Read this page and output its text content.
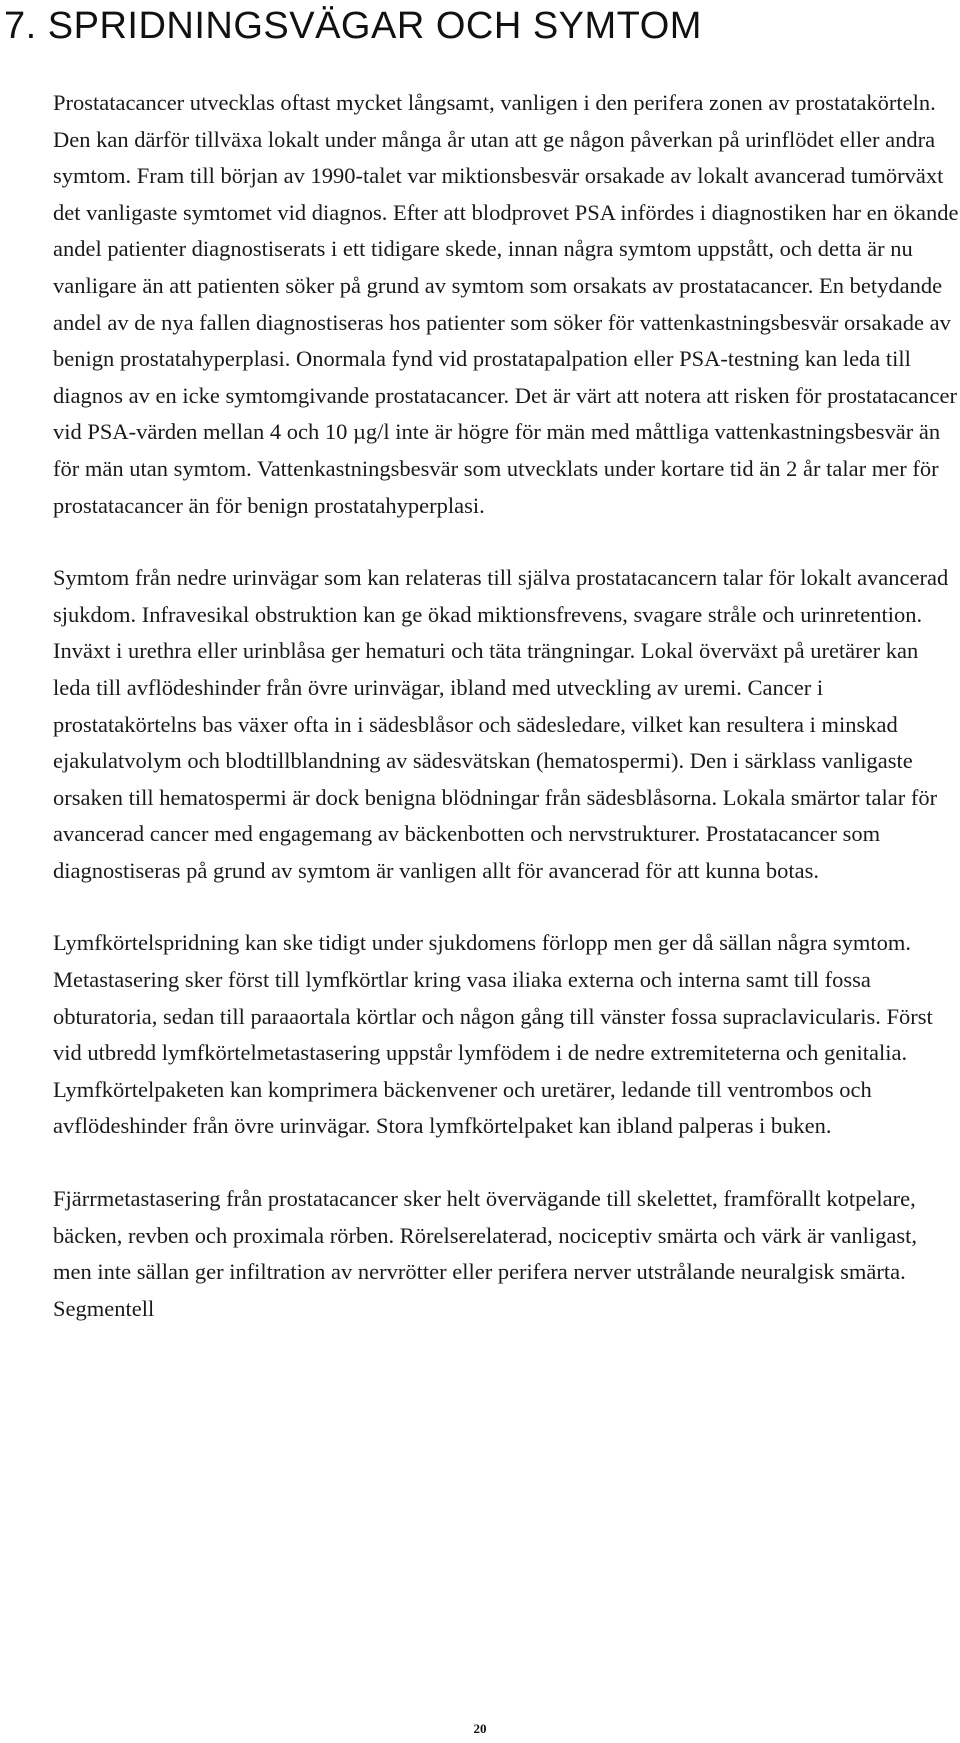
7. SPRIDNINGSVÄGAR OCH SYMTOM

Prostatacancer utvecklas oftast mycket långsamt, vanligen i den perifera zonen av prostatakörteln. Den kan därför tillväxa lokalt under många år utan att ge någon påverkan på urinflödet eller andra symtom. Fram till början av 1990-talet var miktionsbesvär orsakade av lokalt avancerad tumörväxt det vanligaste symtomet vid diagnos. Efter att blodprovet PSA infördes i diagnostiken har en ökande andel patienter diagnostiserats i ett tidigare skede, innan några symtom uppstått, och detta är nu vanligare än att patienten söker på grund av symtom som orsakats av prostatacancer. En betydande andel av de nya fallen diagnostiseras hos patienter som söker för vattenkastningsbesvär orsakade av benign prostatahyperplasi. Onormala fynd vid prostatapalpation eller PSA-testning kan leda till diagnos av en icke symtomgivande prostatacancer. Det är värt att notera att risken för prostatacancer vid PSA-värden mellan 4 och 10 µg/l inte är högre för män med måttliga vattenkastningsbesvär än för män utan symtom. Vattenkastningsbesvär som utvecklats under kortare tid än 2 år talar mer för prostatacancer än för benign prostatahyperplasi.

Symtom från nedre urinvägar som kan relateras till själva prostatacancern talar för lokalt avancerad sjukdom. Infravesikal obstruktion kan ge ökad miktionsfrevens, svagare stråle och urinretention. Inväxt i urethra eller urinblåsa ger hematuri och täta trängningar. Lokal överväxt på uretärer kan leda till avflödeshinder från övre urinvägar, ibland med utveckling av uremi. Cancer i prostatakörtelns bas växer ofta in i sädesblåsor och sädesledare, vilket kan resultera i minskad ejakulatvolym och blodtillblandning av sädesvätskan (hematospermi). Den i särklass vanligaste orsaken till hematospermi är dock benigna blödningar från sädesblåsorna. Lokala smärtor talar för avancerad cancer med engagemang av bäckenbotten och nervstrukturer. Prostatacancer som diagnostiseras på grund av symtom är vanligen allt för avancerad för att kunna botas.

Lymfkörtelspridning kan ske tidigt under sjukdomens förlopp men ger då sällan några symtom. Metastasering sker först till lymfkörtlar kring vasa iliaka externa och interna samt till fossa obturatoria, sedan till paraaortala körtlar och någon gång till vänster fossa supraclavicularis. Först vid utbredd lymfkörtelmetastasering uppstår lymfödem i de nedre extremiteterna och genitalia. Lymfkörtelpaketen kan komprimera bäckenvener och uretärer, ledande till ventrombos och avflödeshinder från övre urinvägar. Stora lymfkörtelpaket kan ibland palperas i buken.

Fjärrmetastasering från prostatacancer sker helt övervägande till skelettet, framförallt kotpelare, bäcken, revben och proximala rörben. Rörelserelaterad, nociceptiv smärta och värk är vanligast, men inte sällan ger infiltration av nervrötter eller perifera nerver utstrålande neuralgisk smärta. Segmentell

20
